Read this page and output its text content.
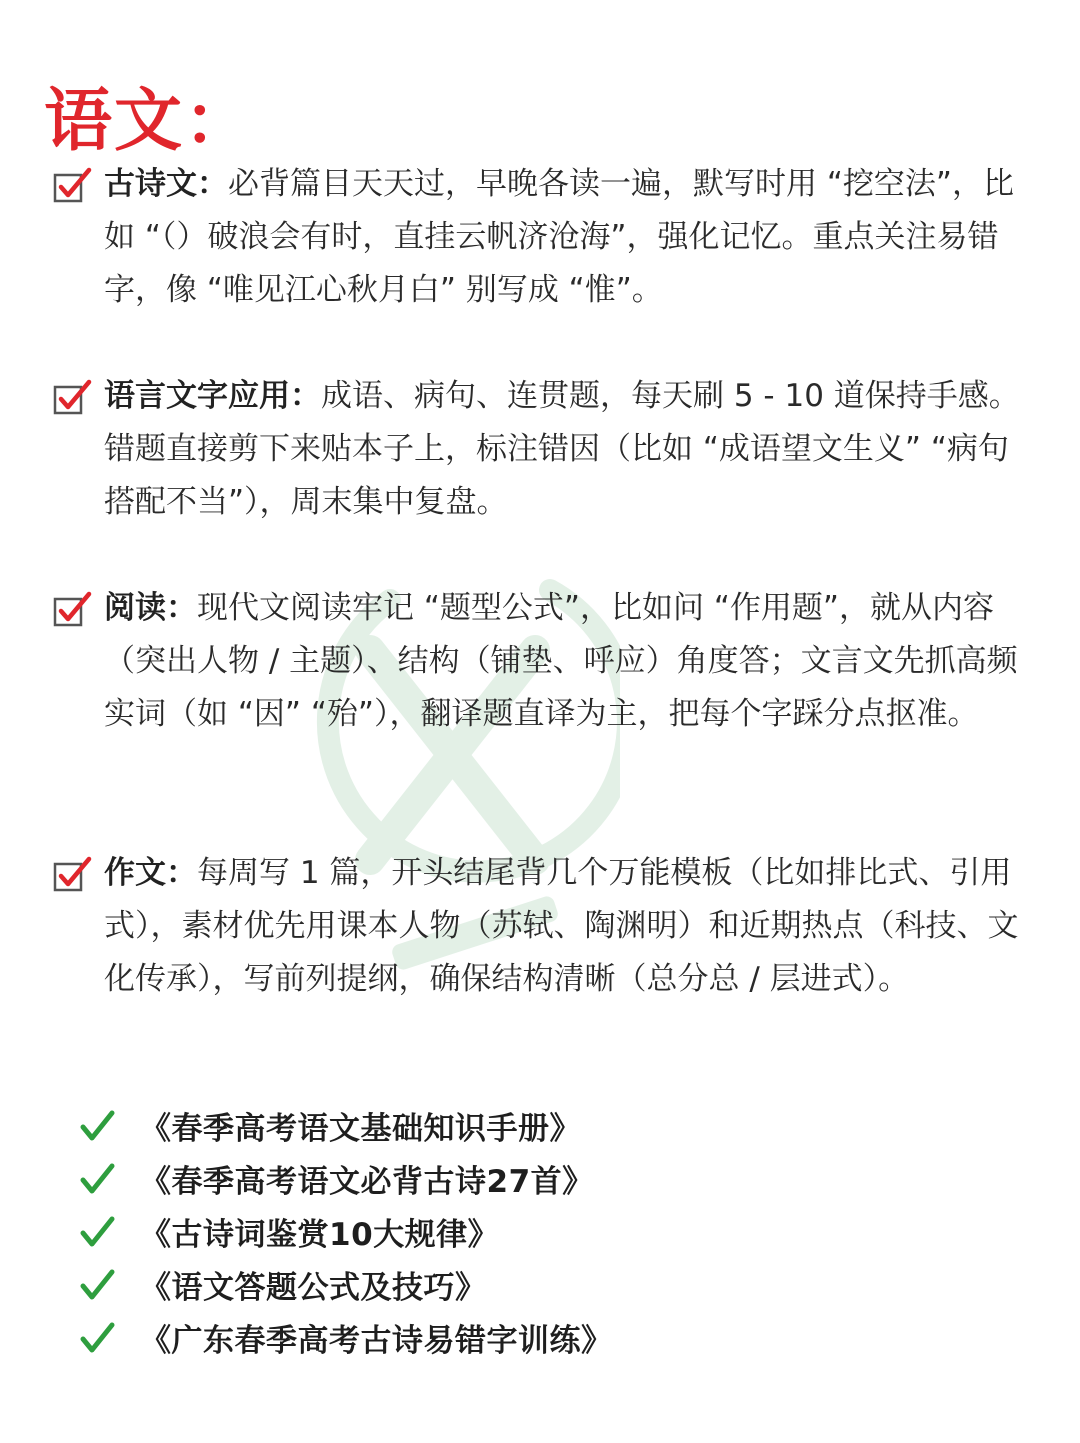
语文：
古诗文：必背篇目天天过，早晚各读一遍，默写时用 “挖空法”，比如 “（）破浪会有时，直挂云帆济沧海”，强化记忆。重点关注易错字，像 “唯见江心秋月白” 别写成 “惟”。
语言文字应用：成语、病句、连贯题，每天刷 5 - 10 道保持手感。错题直接剪下来贴本子上，标注错因（比如 “成语望文生义” “病句搭配不当”），周末集中复盘。
阅读：现代文阅读牢记 “题型公式”，比如问 “作用题”，就从内容（突出人物 / 主题）、结构（铺垫、呼应）角度答；文言文先抓高频实词（如 “因” “殆”），翻译题直译为主，把每个字踩分点抠准。
作文：每周写 1 篇，开头结尾背几个万能模板（比如排比式、引用式），素材优先用课本人物（苏轼、陶渊明）和近期热点（科技、文化传承），写前列提纲，确保结构清晰（总分总 / 层进式）。
《春季高考语文基础知识手册》
《春季高考语文必背古诗27首》
《古诗词鉴赏10大规律》
《语文答题公式及技巧》
《广东春季高考古诗易错字训练》
